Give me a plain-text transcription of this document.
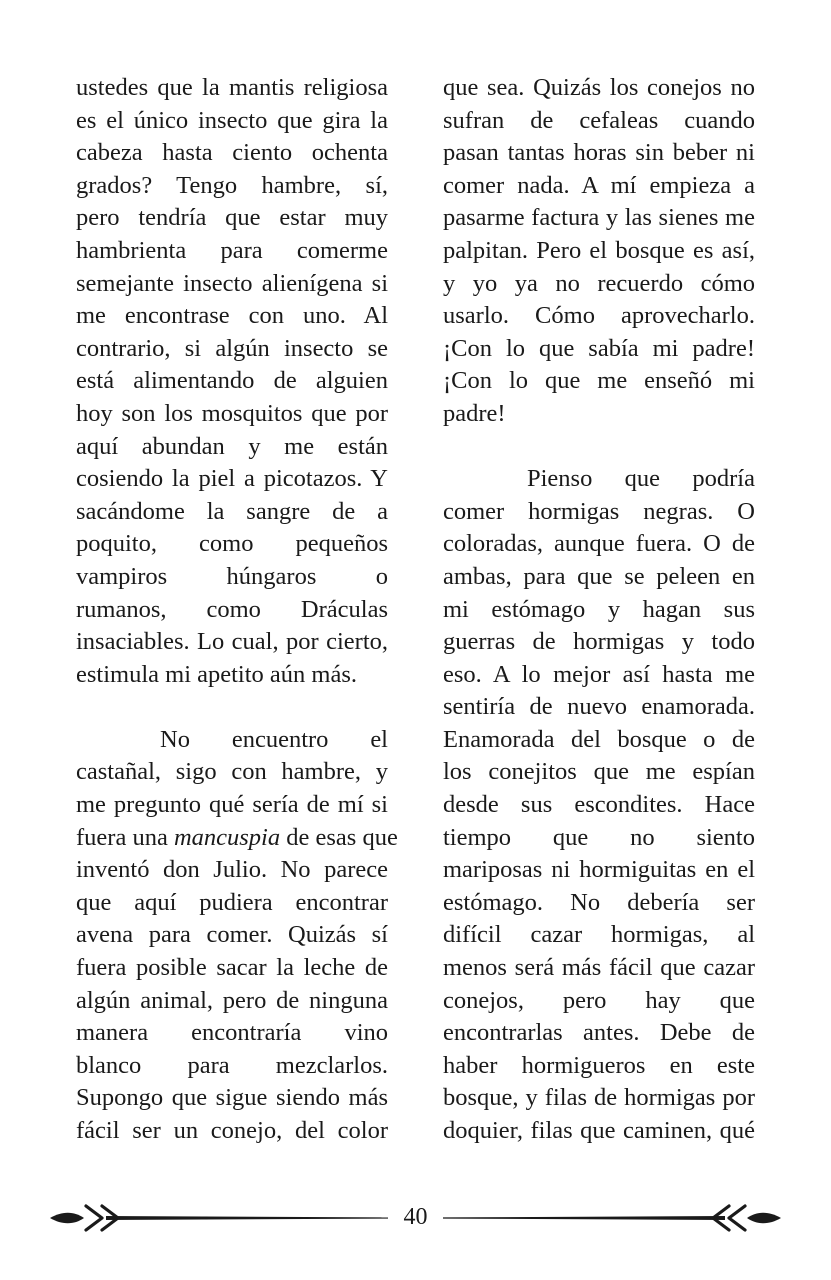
ustedes que la mantis religiosa
es el único insecto que gira la
cabeza hasta ciento ochenta
grados? Tengo hambre, sí,
pero tendría que estar muy
hambrienta para comerme
semejante insecto alienígena si
me encontrase con uno. Al
contrario, si algún insecto se
está alimentando de alguien
hoy son los mosquitos que por
aquí abundan y me están
cosiendo la piel a picotazos. Y
sacándome la sangre de a
poquito, como pequeños
vampiros húngaros o
rumanos, como Dráculas
insaciables. Lo cual, por cierto,
estimula mi apetito aún más.
No encuentro el
castañal, sigo con hambre, y
me pregunto qué sería de mí si
fuera una mancuspia de esas que
inventó don Julio. No parece
que aquí pudiera encontrar
avena para comer. Quizás sí
fuera posible sacar la leche de
algún animal, pero de ninguna
manera encontraría vino
blanco para mezclarlos.
Supongo que sigue siendo más
fácil ser un conejo, del color
que sea. Quizás los conejos no
sufran de cefaleas cuando
pasan tantas horas sin beber ni
comer nada. A mí empieza a
pasarme factura y las sienes me
palpitan. Pero el bosque es así,
y yo ya no recuerdo cómo
usarlo. Cómo aprovecharlo.
¡Con lo que sabía mi padre!
¡Con lo que me enseñó mi
padre!
Pienso que podría
comer hormigas negras. O
coloradas, aunque fuera. O de
ambas, para que se peleen en
mi estómago y hagan sus
guerras de hormigas y todo
eso. A lo mejor así hasta me
sentiría de nuevo enamorada.
Enamorada del bosque o de
los conejitos que me espían
desde sus escondites. Hace
tiempo que no siento
mariposas ni hormiguitas en el
estómago. No debería ser
difícil cazar hormigas, al
menos será más fácil que cazar
conejos, pero hay que
encontrarlas antes. Debe de
haber hormigueros en este
bosque, y filas de hormigas por
doquier, filas que caminen, qué
40
